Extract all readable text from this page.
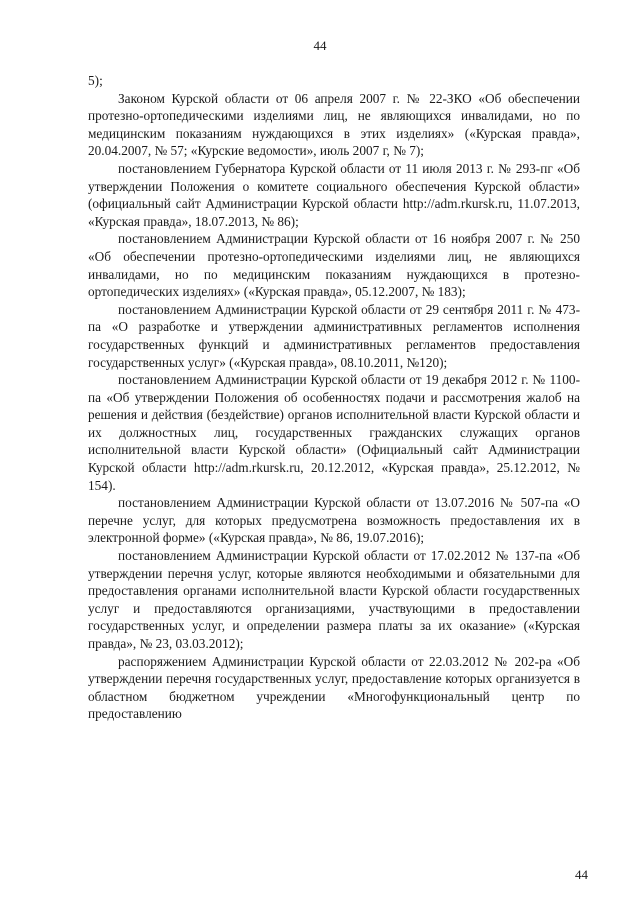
44

5);

Законом Курской области от 06 апреля 2007 г. № 22-ЗКО «Об обеспечении протезно-ортопедическими изделиями лиц, не являющихся инвалидами, но по медицинским показаниям нуждающихся в этих изделиях» («Курская правда», 20.04.2007, № 57; «Курские ведомости», июль 2007 г, № 7);

постановлением Губернатора Курской области от 11 июля 2013 г. № 293-пг «Об утверждении Положения о комитете социального обеспечения Курской области» (официальный сайт Администрации Курской области http://adm.rkursk.ru, 11.07.2013, «Курская правда», 18.07.2013, № 86);

постановлением Администрации Курской области от 16 ноября 2007 г. № 250 «Об обеспечении протезно-ортопедическими изделиями лиц, не являющихся инвалидами, но по медицинским показаниям нуждающихся в протезно-ортопедических изделиях» («Курская правда», 05.12.2007, № 183);

постановлением Администрации Курской области от 29 сентября 2011 г. № 473-па «О разработке и утверждении административных регламентов исполнения государственных функций и административных регламентов предоставления государственных услуг» («Курская правда», 08.10.2011, №120);

постановлением Администрации Курской области от 19 декабря 2012 г. № 1100-па «Об утверждении Положения об особенностях подачи и рассмотрения жалоб на решения и действия (бездействие) органов исполнительной власти Курской области и их должностных лиц, государственных гражданских служащих органов исполнительной власти Курской области» (Официальный сайт Администрации Курской области http://adm.rkursk.ru, 20.12.2012, «Курская правда», 25.12.2012, № 154).

постановлением Администрации Курской области от 13.07.2016 № 507-па «О перечне услуг, для которых предусмотрена возможность предоставления их в электронной форме» («Курская правда», № 86, 19.07.2016);

постановлением Администрации Курской области от 17.02.2012 № 137-па «Об утверждении перечня услуг, которые являются необходимыми и обязательными для предоставления органами исполнительной власти Курской области государственных услуг и предоставляются организациями, участвующими в предоставлении государственных услуг, и определении размера платы за их оказание» («Курская правда», № 23, 03.03.2012);

распоряжением Администрации Курской области от 22.03.2012 № 202-ра «Об утверждении перечня государственных услуг, предоставление которых организуется в областном бюджетном учреждении «Многофункциональный центр по предоставлению

44
